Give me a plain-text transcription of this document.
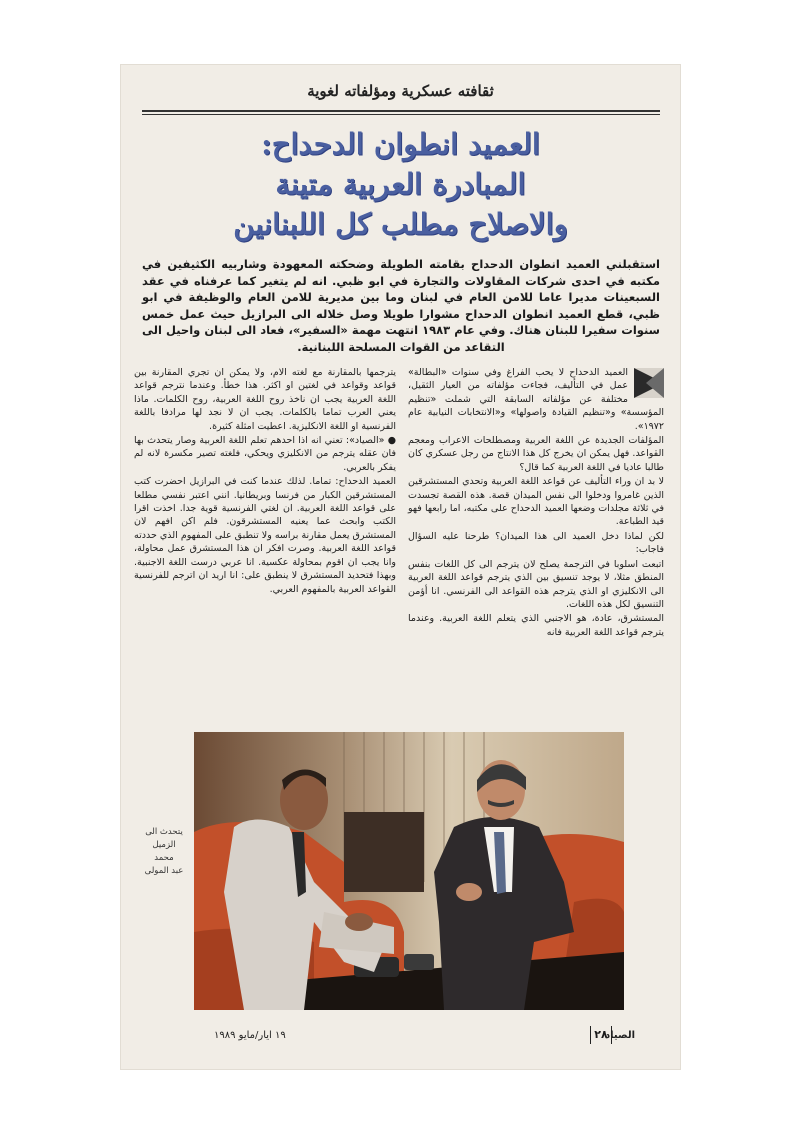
ثقافته عسكرية ومؤلفاته لغوية
العميد انطوان الدحداح:
المبادرة العربية متينة
والاصلاح مطلب كل اللبنانين
استقبلني العميد انطوان الدحداح بقامته الطويلة وضحكته المعهودة وشاربيه الكثيفين في مكتبه في احدى شركات المقاولات والتجارة في ابو ظبي. انه لم يتغير كما عرفناه في عقد السبعينات مديرا عاما للامن العام في لبنان وما بين مديرية للامن العام والوظيفة في ابو ظبي، قطع العميد انطوان الدحداح مشوارا طويلا وصل خلاله الى البرازيل حيث عمل خمس سنوات سفيرا للبنان هناك. وفي عام ١٩٨٣ انتهت مهمة «السفير»، فعاد الى لبنان واحيل الى التقاعد من القوات المسلحة اللبنانية.

العميد الدحداح لا يحب الفراغ وفي سنوات «البطالة» عمل في التأليف، فجاءت مؤلفاته من العيار الثقيل، مختلفة عن مؤلفاته السابقة التي شملت «تنظيم المؤسسة» و«تنظيم القيادة واصولها» و«الانتخابات النيابية عام ١٩٧٢».

المؤلفات الجديدة عن اللغة العربية ومصطلحات الاعراب ومعجم القواعد. فهل يمكن ان يخرج كل هذا الانتاج من رجل عسكري كان طالبا عاديا في اللغة العربية كما قال؟

لا بد ان وراء التأليف عن قواعد اللغة العربية وتحدي المستشرقين الذين غامروا ودخلوا الى نفس الميدان قصة. هذه القصة تجسدت في ثلاثة مجلدات وضعها العميد الدحداح على مكتبه، اما رابعها فهو قيد الطباعة.

لكن لماذا دخل العميد الى هذا الميدان؟ طرحنا عليه السؤال فاجاب:

اتبعت اسلوبا في الترجمة يصلح لان يترجم الى كل اللغات بنفس المنطق مثلا، لا يوجد تنسيق بين الذي يترجم قواعد اللغة العربية الى الانكليزي او الذي يترجم هذه القواعد الى الفرنسي. انا أؤمن التنسيق لكل هذه اللغات.

المستشرق، عادة، هو الاجنبي الذي يتعلم اللغة العربية. وعندما يترجم قواعد اللغة العربية فانه

يترجمها بالمقارنة مع لغته الام، ولا يمكن ان تجري المقارنة بين قواعد وقواعد في لغتين او اكثر. هذا خطأ. وعندما نترجم قواعد اللغة العربية يجب ان ناخذ روح اللغة العربية، روح الكلمات. ماذا يعني العرب تماما بالكلمات. يجب ان لا نجد لها مرادفا باللغة الفرنسية او اللغة الانكليزية. اعطيت امثلة كثيرة.

● «الصياد»: تعني انه اذا احدهم تعلم اللغة العربية وصار يتحدث بها فان عقله يترجم من الانكليزي ويحكي، فلغته تصير مكسرة لانه لم يفكر بالعربي.

العميد الدحداح: تماما. لذلك عندما كنت في البرازيل احضرت كتب المستشرقين الكبار من فرنسا وبريطانيا. انني اعتبر نفسي مطلعا على قواعد اللغة العربية. ان لغتي الفرنسية قوية جدا. اخذت اقرا الكتب وابحث عما يعنيه المستشرقون. فلم اكن افهم لان المستشرق يعمل مقارنة براسه ولا تنطبق على المفهوم الذي حددته قواعد اللغة العربية. وصرت افكر ان هذا المستشرق عمل محاولة، وانا يجب ان اقوم بمحاولة عكسية. انا عربي درست اللغة الاجنبية. وبهذا فتحديد المستشرق لا ينطبق على: انا اريد ان اترجم للفرنسية القواعد العربية بالمفهوم العربي.

يتحدث الى
الزميل
محمد
عبد المولى
٢٨
الصياد
١٩ ايار/مايو ١٩٨٩
